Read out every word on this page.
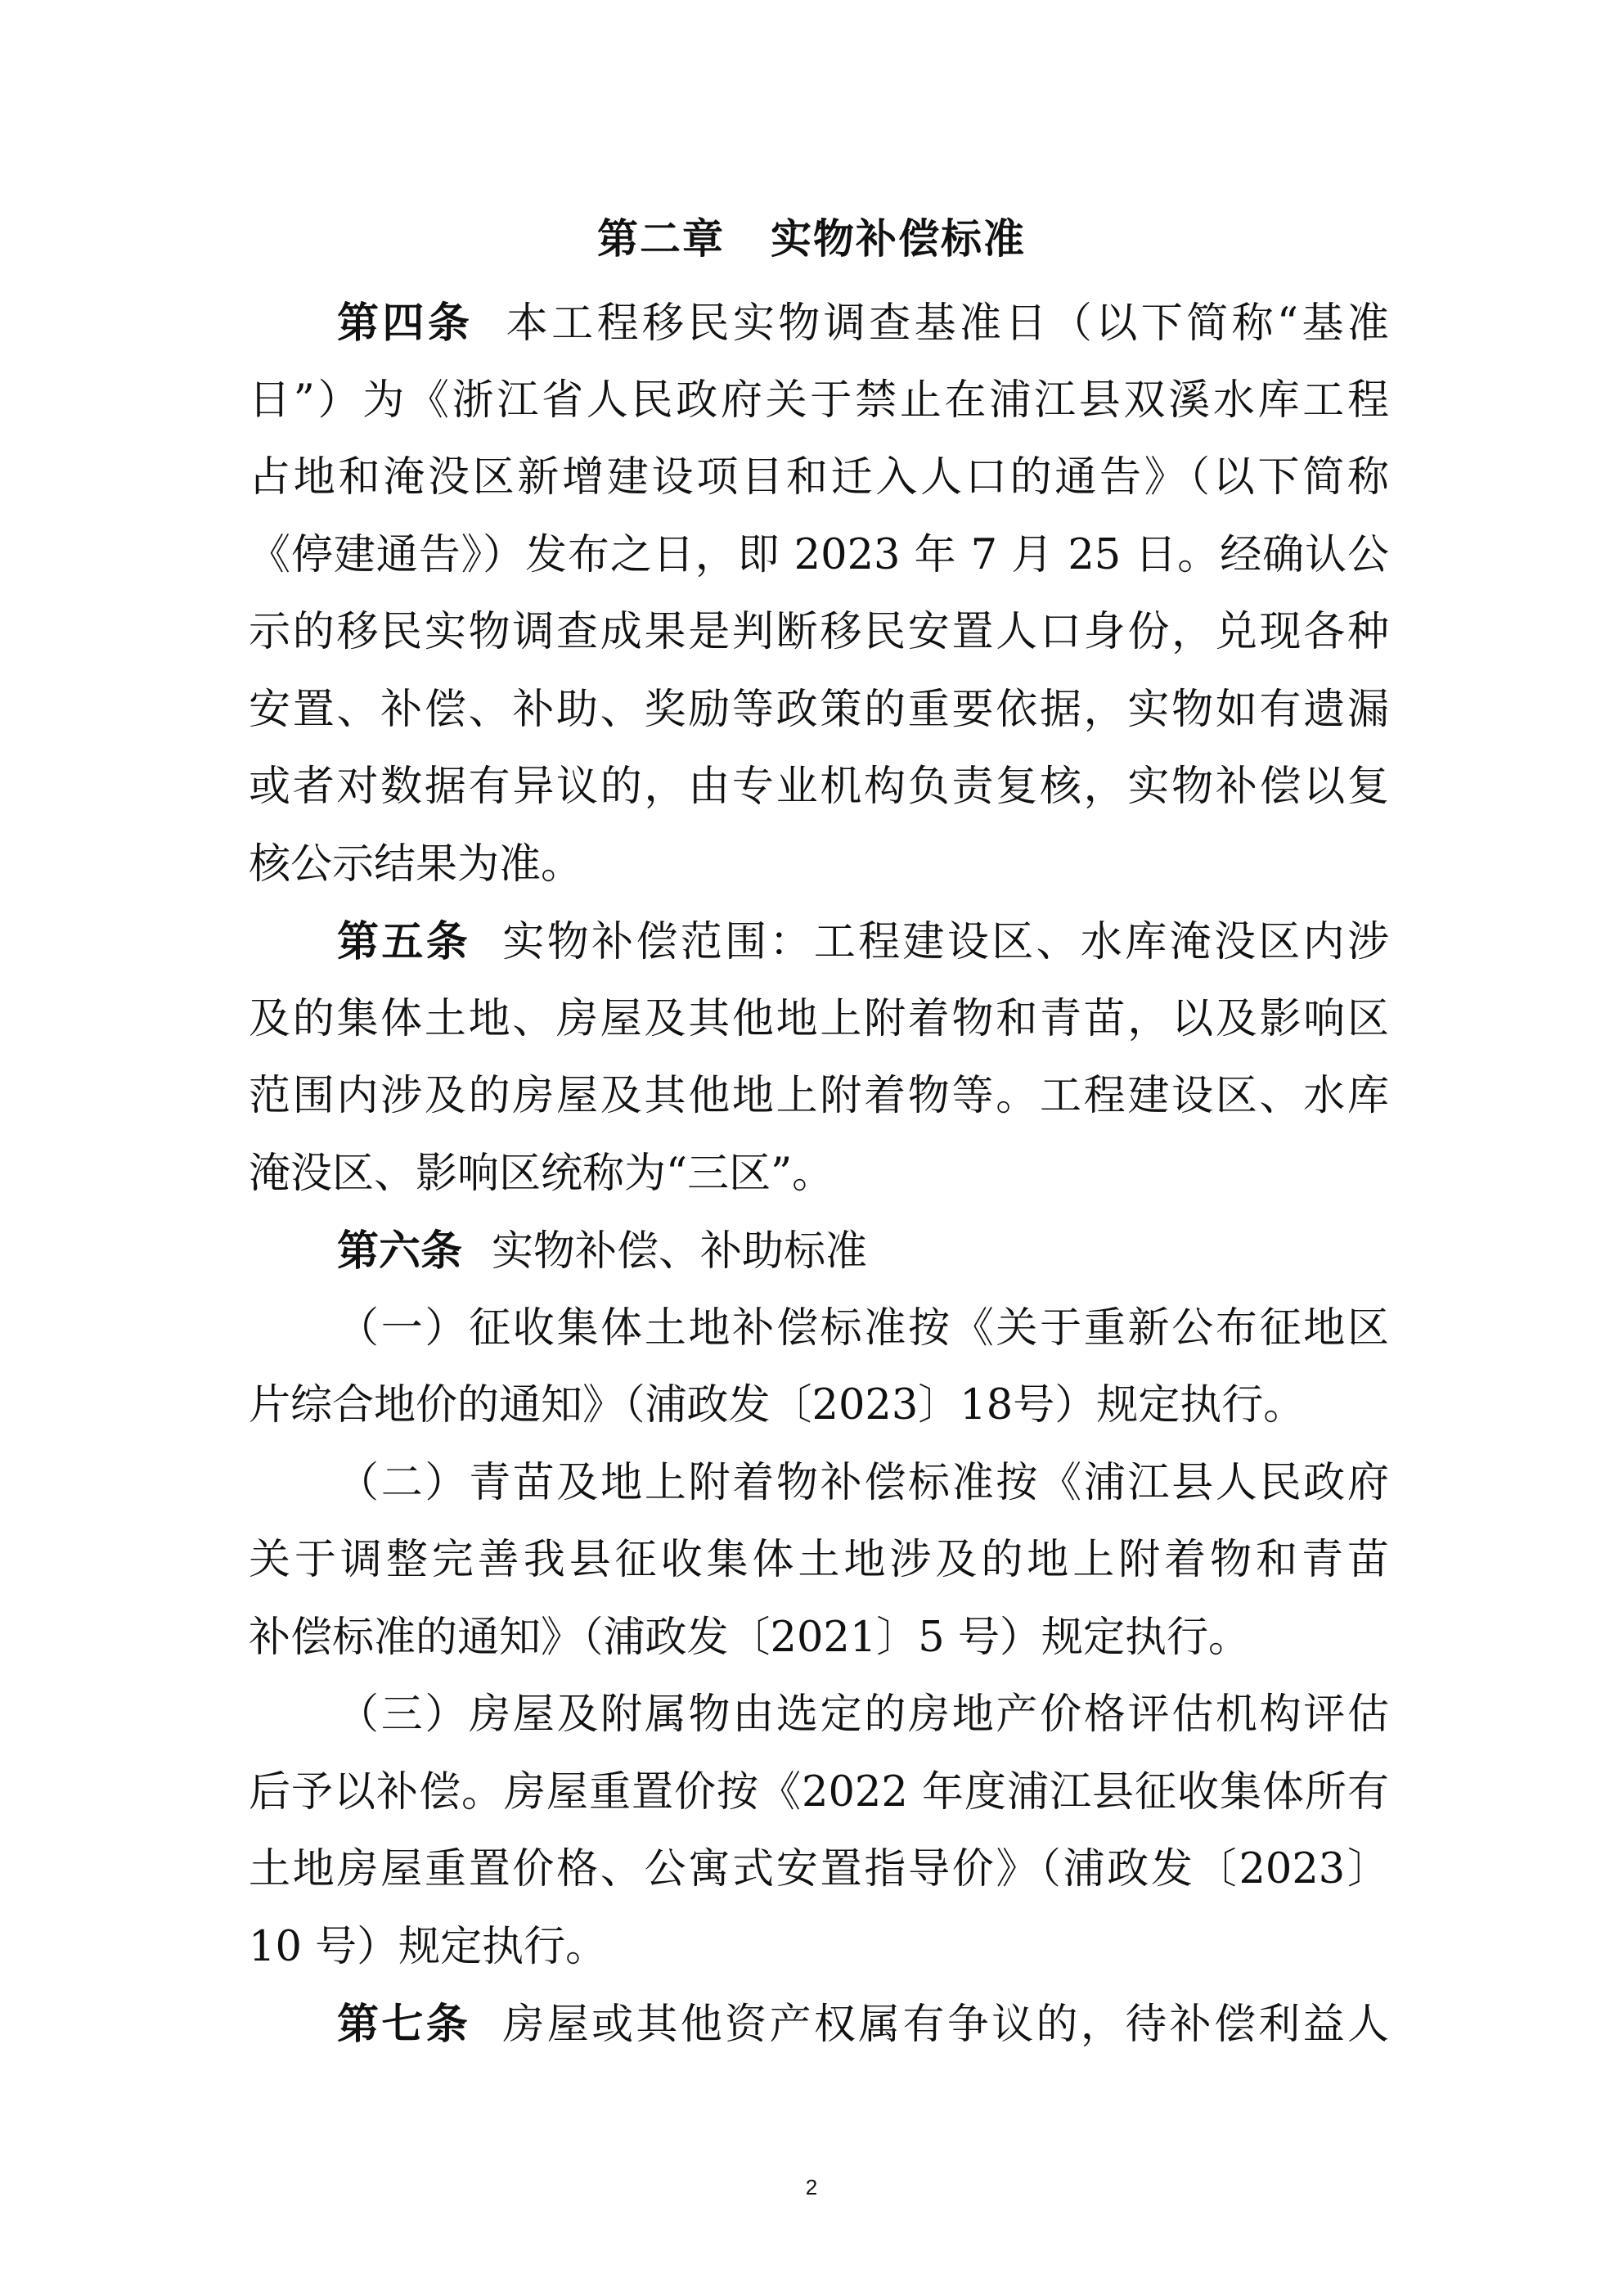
第二章 实物补偿标准
第四条 本工程移民实物调查基准日（以下简称“基准
日”）为《浙江省人民政府关于禁止在浦江县双溪水库工程
占地和淹没区新增建设项目和迁入人口的通告》（以下简称
《停建通告》）发布之日，即 2023 年 7 月 25 日。经确认公
示的移民实物调查成果是判断移民安置人口身份，兑现各种
安置、补偿、补助、奖励等政策的重要依据，实物如有遗漏
或者对数据有异议的，由专业机构负责复核，实物补偿以复
核公示结果为准。
第五条 实物补偿范围：工程建设区、水库淹没区内涉
及的集体土地、房屋及其他地上附着物和青苗，以及影响区
范围内涉及的房屋及其他地上附着物等。工程建设区、水库
淹没区、影响区统称为“三区”。
第六条 实物补偿、补助标准
（一）征收集体土地补偿标准按《关于重新公布征地区
片综合地价的通知》（浦政发〔2023〕18号）规定执行。
（二）青苗及地上附着物补偿标准按《浦江县人民政府
关于调整完善我县征收集体土地涉及的地上附着物和青苗
补偿标准的通知》（浦政发〔2021〕5 号）规定执行。
（三）房屋及附属物由选定的房地产价格评估机构评估
后予以补偿。房屋重置价按《2022 年度浦江县征收集体所有
土地房屋重置价格、公寓式安置指导价》（浦政发〔2023〕
10 号）规定执行。
第七条 房屋或其他资产权属有争议的，待补偿利益人
2
